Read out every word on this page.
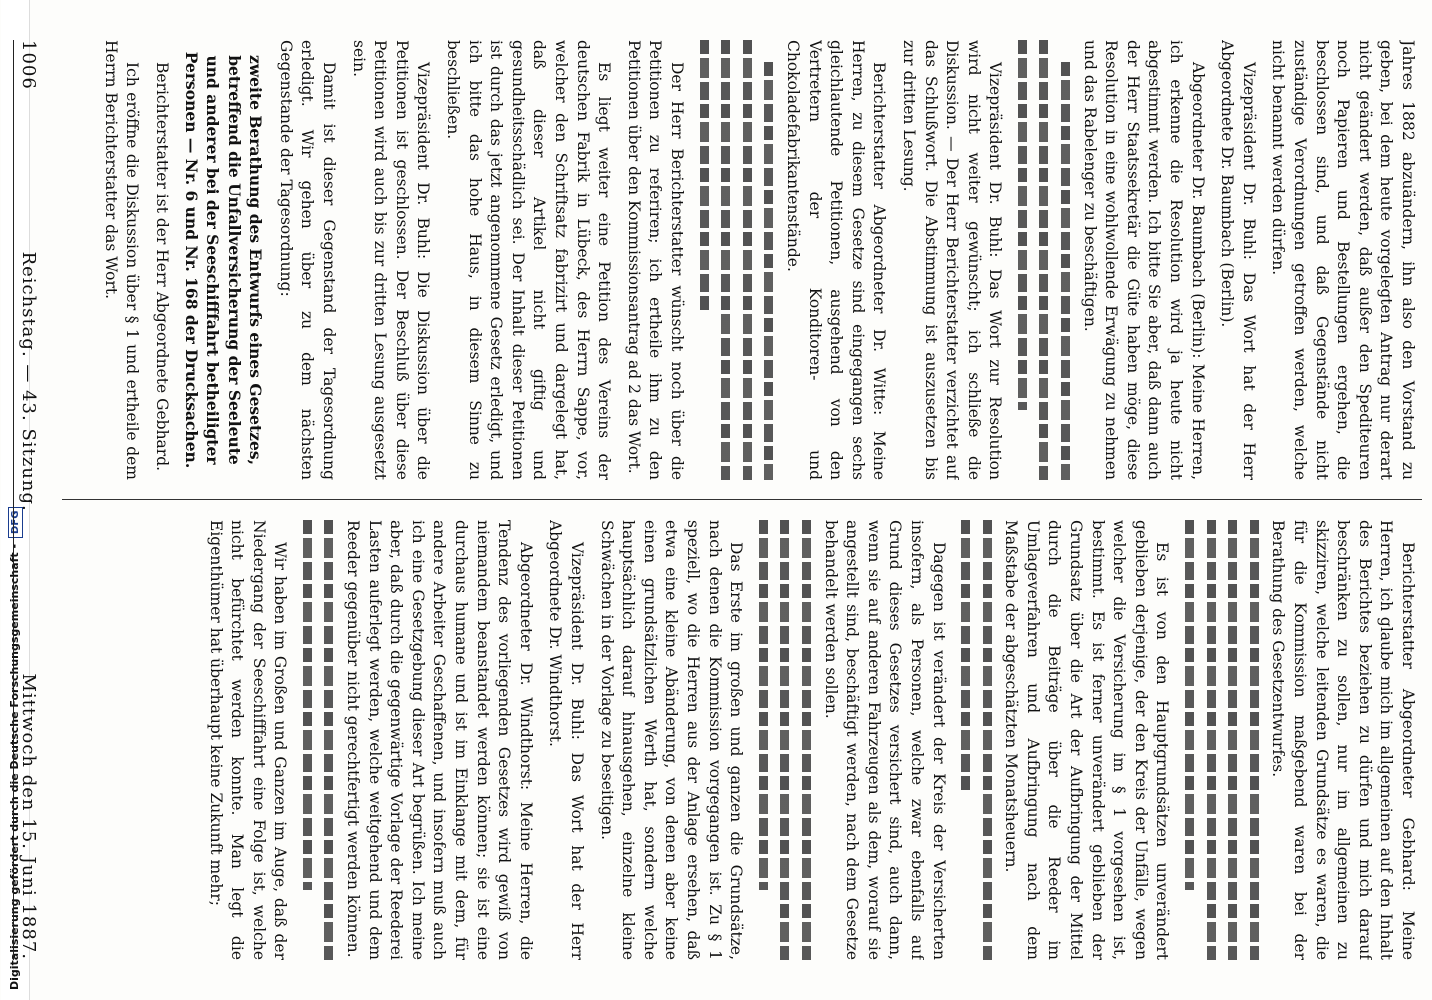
Digitalisierung gefördert durch die Deutsche Forschungsgemeinschaft -
DFG
1006
Reichstag. — 43. Sitzung.
Mittwoch den 15. Juni 1887.

Jahres 1882 abzuändern, ihn also den Vorstand zu geben, bei dem heute vorgelegten Antrag nur derart nicht geändert werden, daß außer den Spediteuren noch Papieren und Bestellungen ergehen, die beschlossen sind, und daß Gegenstände nicht zuständige Verordnungen getroffen werden, welche nicht benannt werden dürfen.

Vizepräsident Dr. Buhl: Das Wort hat der Herr Abgeordnete Dr. Baumbach (Berlin).

Abgeordneter Dr. Baumbach (Berlin): Meine Herren, ich erkenne die Resolution wird ja heute nicht abgestimmt werden. Ich bitte Sie aber, daß dann auch der Herr Staatssekretär die Güte haben möge, diese Resolution in eine wohlwollende Erwägung zu nehmen und das Rabelenger zu beschäftigen.

Vizepräsident Dr. Buhl: Das Wort zur Resolution wird nicht weiter gewünscht; ich schließe die Diskussion. — Der Herr Berichterstatter verzichtet auf das Schlußwort. Die Abstimmung ist auszusetzen bis zur dritten Lesung.

Berichterstatter Abgeordneter Dr. Witte: Meine Herren, zu diesem Gesetze sind eingegangen sechs gleichlautende Petitionen, ausgehend von den Vertretern der Konditoren- und Chokoladefabrikantenstände.

Der Herr Berichterstatter wünscht noch über die Petitionen zu referiren; ich ertheile ihm zu den Petitionen über den Kommissionsantrag ad 2 das Wort.

Es liegt weiter eine Petition des Vereins der deutschen Fabrik in Lübeck, des Herrn Sappe, vor, welcher den Schriftsatz fabrizirt und dargelegt hat, daß dieser Artikel nicht giftig und gesundheitsschädlich sei. Der Inhalt dieser Petitionen ist durch das jetzt angenommene Gesetz erledigt, und ich bitte das hohe Haus, in diesem Sinne zu beschließen.

Vizepräsident Dr. Buhl: Die Diskussion über die Petitionen ist geschlossen. Der Beschluß über diese Petitionen wird auch bis zur dritten Lesung ausgesetzt sein.

Damit ist dieser Gegenstand der Tagesordnung erledigt. Wir gehen über zu dem nächsten Gegenstande der Tagesordnung:

zweite Berathung des Entwurfs eines Gesetzes, betreffend die Unfallversicherung der Seeleute und anderer bei der Seeschifffahrt betheiligter Personen — Nr. 6 und Nr. 168 der Drucksachen.

Berichterstatter ist der Herr Abgeordnete Gebhard.

Ich eröffne die Diskussion über § 1 und ertheile dem Herrn Berichterstatter das Wort.

Berichterstatter Abgeordneter Gebhard: Meine Herren, ich glaube mich im allgemeinen auf den Inhalt des Berichtes beziehen zu dürfen und mich darauf beschränken zu sollen, nur im allgemeinen zu skizziren, welche leitenden Grundsätze es waren, die für die Kommission maßgebend waren bei der Berathung des Gesetzentwurfes.

Es ist von den Hauptgrundsätzen unverändert geblieben derjenige, der den Kreis der Unfälle, wegen welcher die Versicherung im § 1 vorgesehen ist, bestimmt. Es ist ferner unverändert geblieben der Grundsatz über die Art der Aufbringung der Mittel durch die Beiträge über die Reeder im Umlageverfahren und Aufbringung nach dem Maßstabe der abgeschätzten Monatsheuern.

Dagegen ist verändert der Kreis der Versicherten insofern, als Personen, welche zwar ebenfalls auf Grund dieses Gesetzes versichert sind, auch dann, wenn sie auf anderen Fahrzeugen als dem, worauf sie angestellt sind, beschäftigt werden, nach dem Gesetze behandelt werden sollen.

Das Erste im großen und ganzen die Grundsätze, nach denen die Kommission vorgegangen ist. Zu § 1 speziell, wo die Herren aus der Anlage ersehen, daß etwa eine kleine Abänderung, von denen aber keine einen grundsätzlichen Werth hat, sondern welche hauptsächlich darauf hinausgehen, einzelne kleine Schwächen in der Vorlage zu beseitigen.

Vizepräsident Dr. Buhl: Das Wort hat der Herr Abgeordnete Dr. Windthorst.

Abgeordneter Dr. Windthorst: Meine Herren, die Tendenz des vorliegenden Gesetzes wird gewiß von niemandem beanstandet werden können; sie ist eine durchaus humane und ist im Einklange mit dem, für andere Arbeiter Geschaffenen, und insofern muß auch ich eine Gesetzgebung dieser Art begrüßen. Ich meine aber, daß durch die gegenwärtige Vorlage der Reederei Lasten auferlegt werden, welche weitgehend und dem Reeder gegenüber nicht gerechtfertigt werden können.

Wir haben im Großen und Ganzen im Auge, daß der Niedergang der Seeschifffahrt eine Folge ist, welche nicht befürchtet werden konnte. Man legt die Eigenthümer hat überhaupt keine Zukunft mehr;
